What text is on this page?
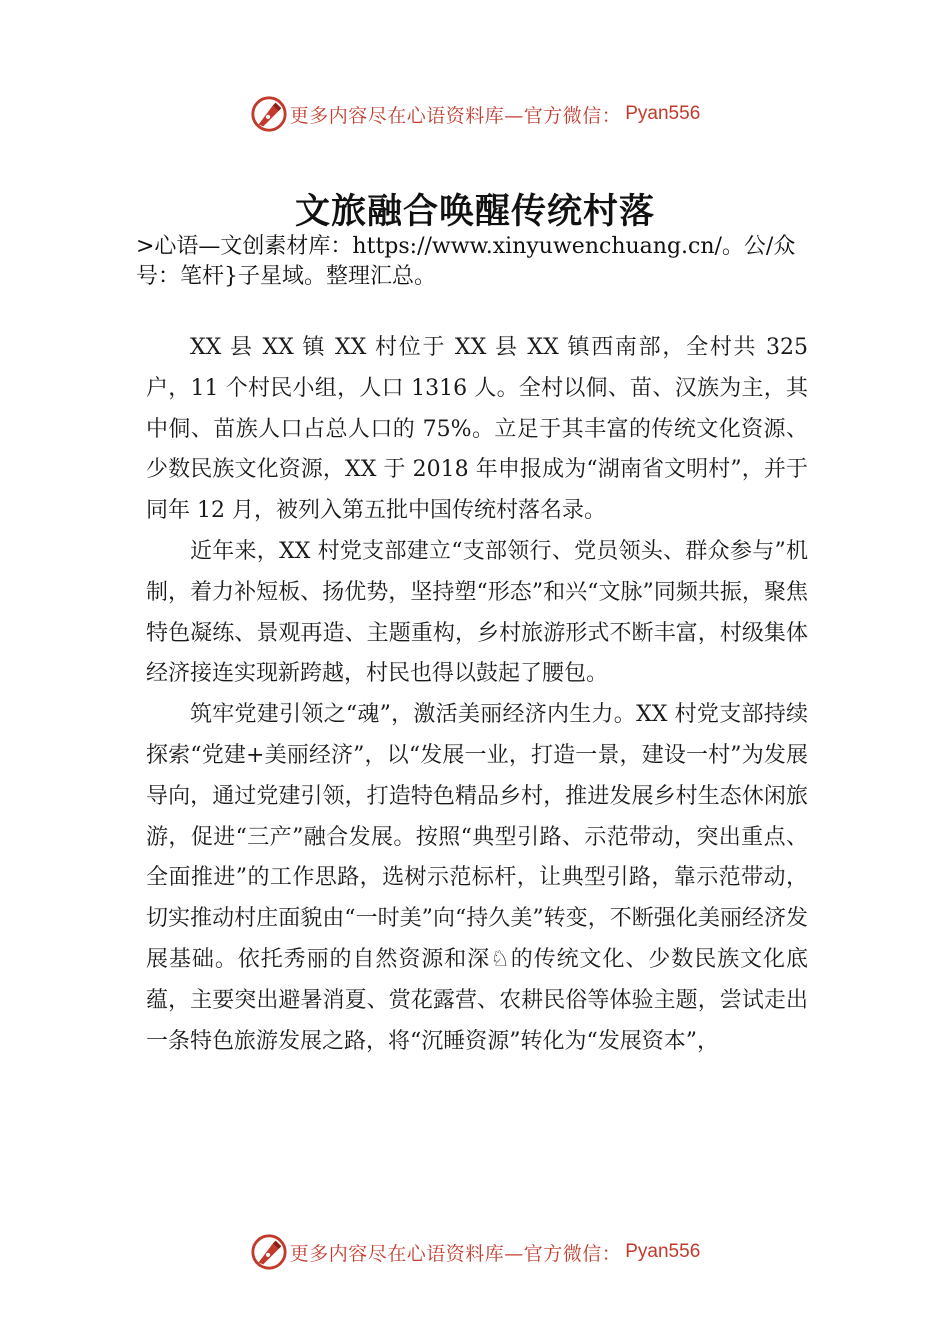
更多内容尽在心语资料库—官方微信： Pyan556
文旅融合唤醒传统村落
>心语—文创素材库：https://www.xinyuwenchuang.cn/。公/众号：笔杆}子星域。整理汇总。

XX 县 XX 镇 XX 村位于 XX 县 XX 镇西南部，全村共 325 户，11 个村民小组，人口 1316 人。全村以侗、苗、汉族为主，其中侗、苗族人口占总人口的 75%。立足于其丰富的传统文化资源、少数民族文化资源，XX 于 2018 年申报成为“湖南省文明村”，并于同年 12 月，被列入第五批中国传统村落名录。

近年来，XX 村党支部建立“支部领行、党员领头、群众参与”机制，着力补短板、扬优势，坚持塑“形态”和兴“文脉”同频共振，聚焦特色凝练、景观再造、主题重构，乡村旅游形式不断丰富，村级集体经济接连实现新跨越，村民也得以鼓起了腰包。

筑牢党建引领之“魂”，激活美丽经济内生力。XX 村党支部持续探索“党建+美丽经济”，以“发展一业，打造一景，建设一村”为发展导向，通过党建引领，打造特色精品乡村，推进发展乡村生态休闲旅游，促进“三产”融合发展。按照“典型引路、示范带动，突出重点、全面推进”的工作思路，选树示范标杆，让典型引路，靠示范带动，切实推动村庄面貌由“一时美”向“持久美”转变，不断强化美丽经济发展基础。依托秀丽的自然资源和深♘的传统文化、少数民族文化底蕴，主要突出避暑消夏、赏花露营、农耕民俗等体验主题，尝试走出一条特色旅游发展之路，将“沉睡资源”转化为“发展资本”，

更多内容尽在心语资料库—官方微信： Pyan556
